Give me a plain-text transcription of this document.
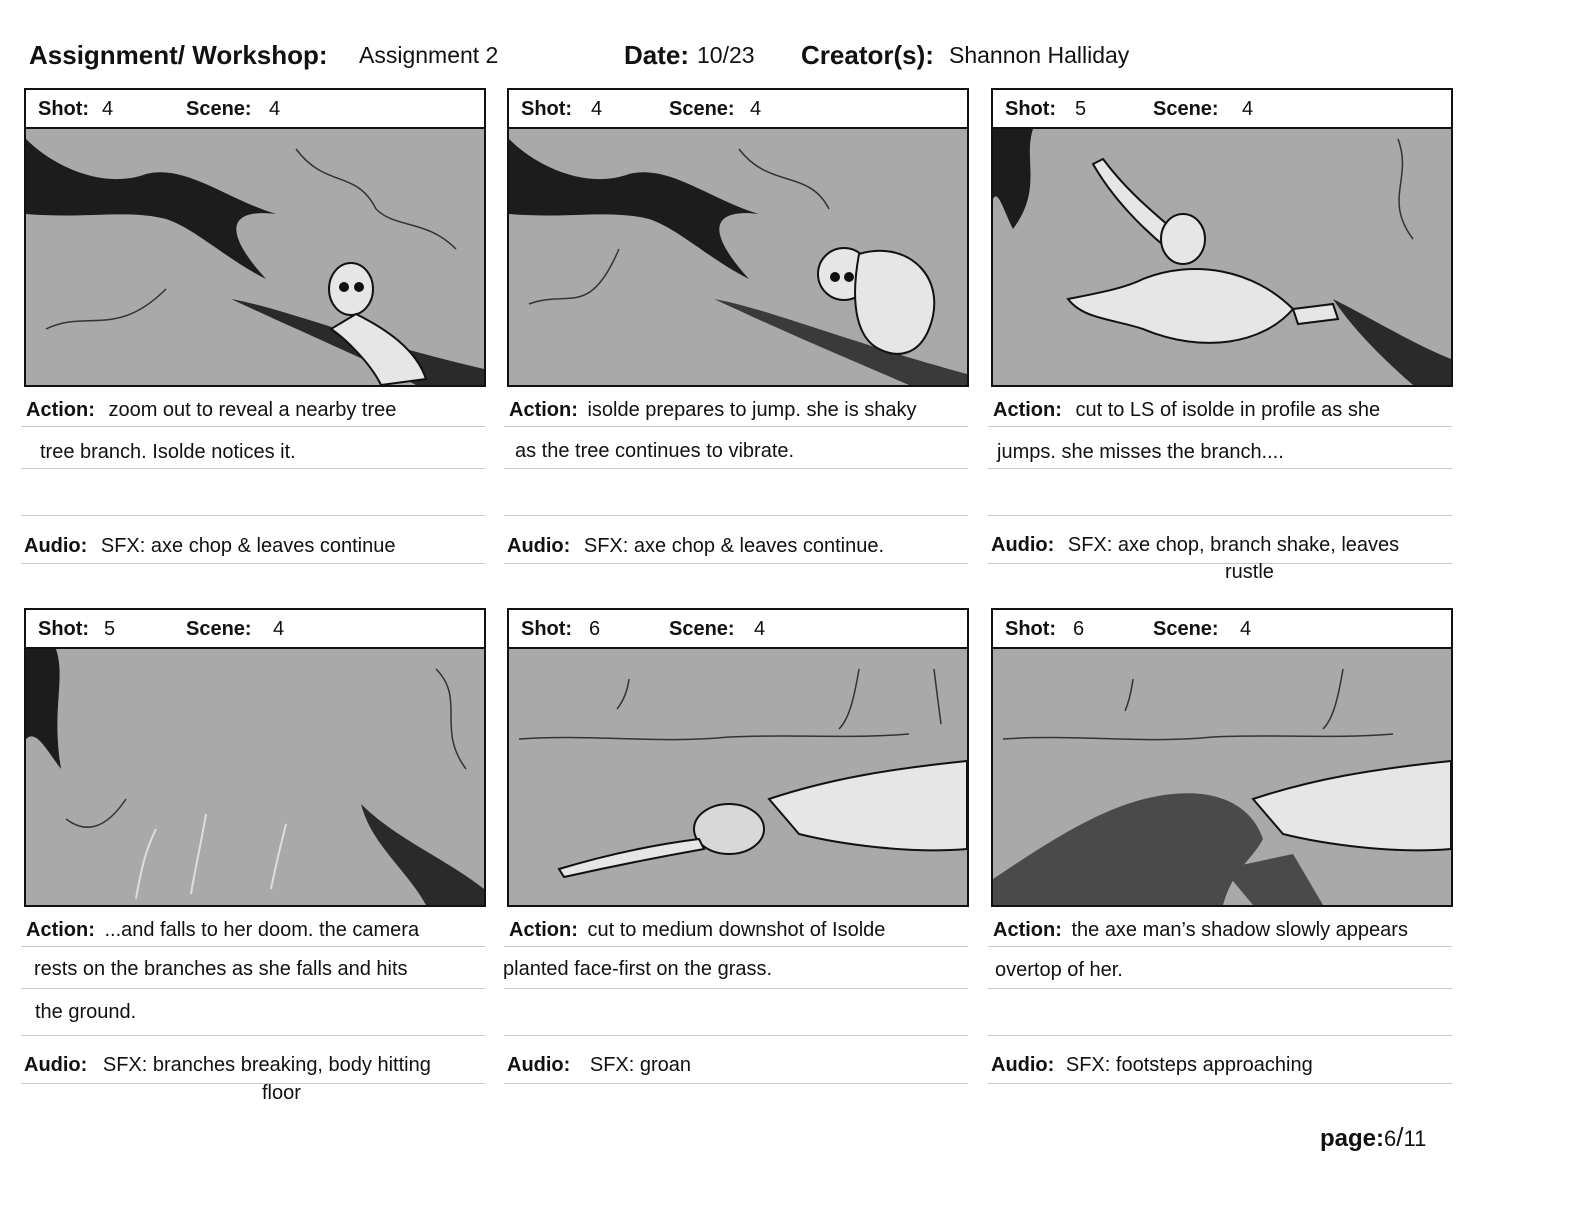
Assignment/ Workshop: Assignment 2	Date: 10/23 Creator(s): Shannon Halliday
Shot: 4	Scene: 4
Action: zoom out to reveal a nearby tree
tree branch. Isolde notices it.
Audio: SFX: axe chop & leaves continue
Shot: 4	Scene: 4
Action: isolde prepares to jump. she is shaky
as the tree continues to vibrate.
Audio: SFX: axe chop & leaves continue.
Shot: 5	Scene: 4
Action: cut to LS of isolde in profile as she
jumps. she misses the branch....
Audio: SFX: axe chop, branch shake, leaves
rustle
Shot: 5	Scene: 4
Action: ...and falls to her doom. the camera
rests on the branches as she falls and hits
the ground.
Audio: SFX: branches breaking, body hitting
floor
Shot: 6	Scene: 4
Action: cut to medium downshot of Isolde
planted face-first on the grass.
Audio: SFX: groan
Shot: 6	Scene: 4
Action: the axe man’s shadow slowly appears
overtop of her.
Audio: SFX: footsteps approaching
page:6/11
